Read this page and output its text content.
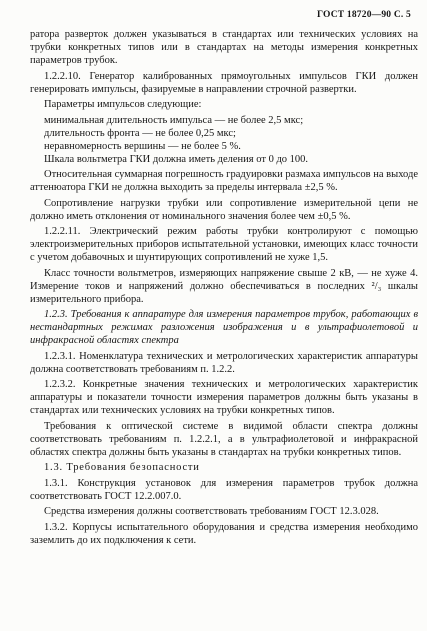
ГОСТ 18720—90 С. 5

ратора разверток должен указываться в стандартах или технических условиях на трубки конкретных типов или в стандартах на методы измерения конкретных параметров трубок.

1.2.2.10. Генератор калиброванных прямоугольных импульсов ГКИ должен генерировать импульсы, фазируемые в направлении строчной развертки.

Параметры импульсов следующие:

минимальная длительность импульса — не более 2,5 мкс;

длительность фронта — не более 0,25 мкс;

неравномерность вершины — не более 5 %.

Шкала вольтметра ГКИ должна иметь деления от 0 до 100.

Относительная суммарная погрешность градуировки размаха импульсов на выходе аттенюатора ГКИ не должна выходить за пределы интервала ±2,5 %.

Сопротивление нагрузки трубки или сопротивление измерительной цепи не должно иметь отклонения от номинального значения более чем ±0,5 %.

1.2.2.11. Электрический режим работы трубки контролируют с помощью электроизмерительных приборов испытательной установки, имеющих класс точности с учетом добавочных и шунтирующих сопротивлений не хуже 1,5.

Класс точности вольтметров, измеряющих напряжение свыше 2 кВ, — не хуже 4. Измерение токов и напряжений должно обеспечиваться в последних ²/₃ шкалы измерительного прибора.

1.2.3. Требования к аппаратуре для измерения параметров трубок, работающих в нестандартных режимах разложения изображения и в ультрафиолетовой и инфракрасной областях спектра

1.2.3.1. Номенклатура технических и метрологических характеристик аппаратуры должна соответствовать требованиям п. 1.2.2.

1.2.3.2. Конкретные значения технических и метрологических характеристик аппаратуры и показатели точности измерения параметров должны быть указаны в стандартах или технических условиях на трубки конкретных типов.

Требования к оптической системе в видимой области спектра должны соответствовать требованиям п. 1.2.2.1, а в ультрафиолетовой и инфракрасной областях спектра должны быть указаны в стандартах на трубки конкретных типов.

1.3. Требования безопасности

1.3.1. Конструкция установок для измерения параметров трубок должна соответствовать ГОСТ 12.2.007.0.

Средства измерения должны соответствовать требованиям ГОСТ 12.3.028.

1.3.2. Корпусы испытательного оборудования и средства измерения необходимо заземлить до их подключения к сети.
